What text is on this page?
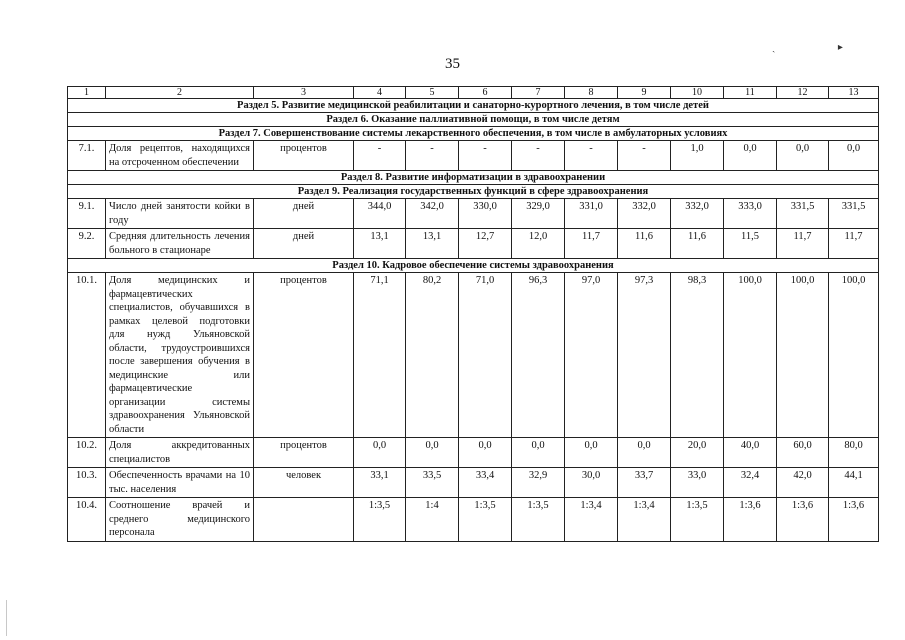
35
ˏ ▸
1	2	3	4	5	6	7	8	9	10	11	12	13
Раздел 5. Развитие медицинской реабилитации и санаторно-курортного лечения, в том числе детей												
Раздел 6. Оказание паллиативной помощи, в том числе детям												
Раздел 7. Совершенствование системы лекарственного обеспечения, в том числе в амбулаторных условиях												
7.1.	Доля рецептов, находящихся на отсроченном обеспечении	процентов	-	-	-	-	-	-	1,0	0,0	0,0	0,0
Раздел 8. Развитие информатизации в здравоохранении												
Раздел 9. Реализация государственных функций в сфере здравоохранения												
9.1.	Число дней занятости койки в году	дней	344,0	342,0	330,0	329,0	331,0	332,0	332,0	333,0	331,5	331,5
9.2.	Средняя длительность лечения больного в стационаре	дней	13,1	13,1	12,7	12,0	11,7	11,6	11,6	11,5	11,7	11,7
Раздел 10. Кадровое обеспечение системы здравоохранения												
10.1.	Доля медицинских и фармацевтических специалистов, обучавшихся в рамках целевой подготовки для нужд Ульяновской области, трудоустроившихся после завершения обучения в медицинские или фармацевтические организации системы здравоохранения Ульяновской области	процентов	71,1	80,2	71,0	96,3	97,0	97,3	98,3	100,0	100,0	100,0
10.2.	Доля аккредитованных специалистов	процентов	0,0	0,0	0,0	0,0	0,0	0,0	20,0	40,0	60,0	80,0
10.3.	Обеспеченность врачами на 10 тыс. населения	человек	33,1	33,5	33,4	32,9	30,0	33,7	33,0	32,4	42,0	44,1
10.4.	Соотношение врачей и среднего медицинского персонала		1:3,5	1:4	1:3,5	1:3,5	1:3,4	1:3,4	1:3,5	1:3,6	1:3,6	1:3,6
